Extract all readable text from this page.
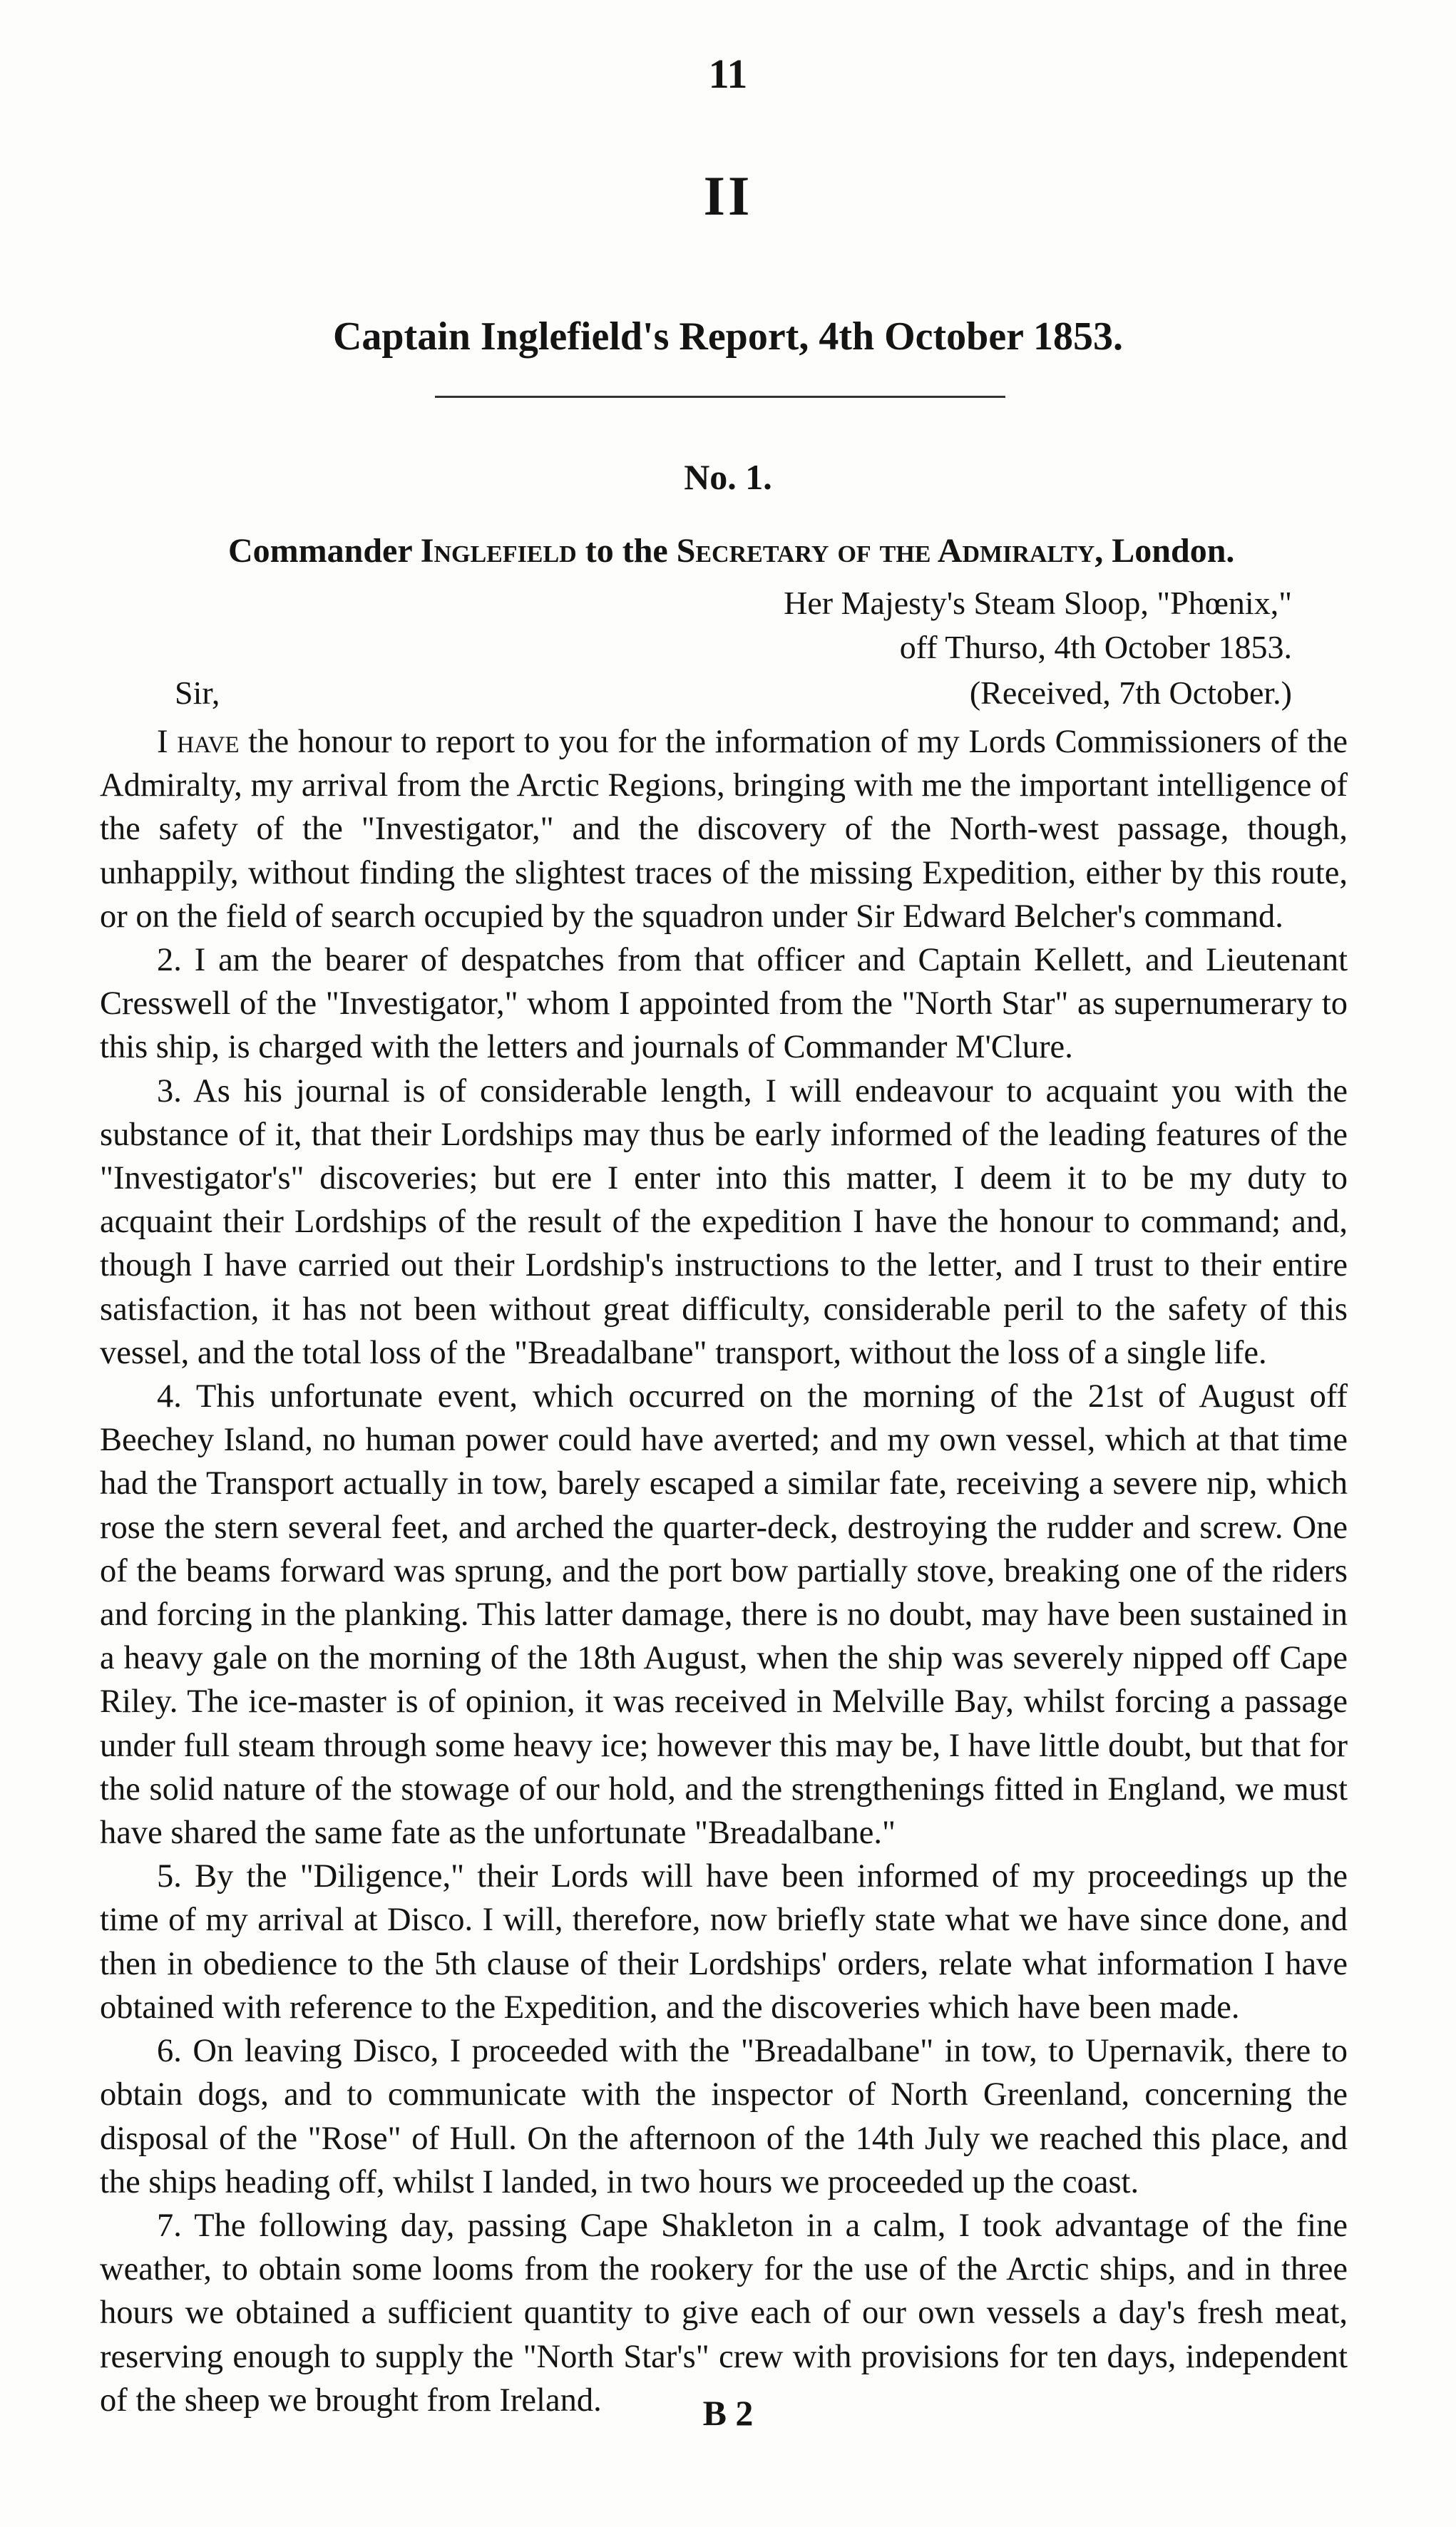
11
II
Captain Inglefield's Report, 4th October 1853.
No. 1.
Commander Inglefield to the Secretary of the Admiralty, London.
Her Majesty's Steam Sloop, "Phœnix,"
off Thurso, 4th October 1853.
Sir,	(Received, 7th October.)

I have the honour to report to you for the information of my Lords Commissioners of the Admiralty, my arrival from the Arctic Regions, bringing with me the important intelligence of the safety of the "Investigator," and the discovery of the North-west passage, though, unhappily, without finding the slightest traces of the missing Expedition, either by this route, or on the field of search occupied by the squadron under Sir Edward Belcher's command.

2. I am the bearer of despatches from that officer and Captain Kellett, and Lieutenant Cresswell of the "Investigator," whom I appointed from the "North Star" as supernumerary to this ship, is charged with the letters and journals of Commander M'Clure.

3. As his journal is of considerable length, I will endeavour to acquaint you with the substance of it, that their Lordships may thus be early informed of the leading features of the "Investigator's" discoveries; but ere I enter into this matter, I deem it to be my duty to acquaint their Lordships of the result of the expedition I have the honour to command; and, though I have carried out their Lordship's instructions to the letter, and I trust to their entire satisfaction, it has not been without great difficulty, considerable peril to the safety of this vessel, and the total loss of the "Breadalbane" transport, without the loss of a single life.

4. This unfortunate event, which occurred on the morning of the 21st of August off Beechey Island, no human power could have averted; and my own vessel, which at that time had the Transport actually in tow, barely escaped a similar fate, receiving a severe nip, which rose the stern several feet, and arched the quarter-deck, destroying the rudder and screw. One of the beams forward was sprung, and the port bow partially stove, breaking one of the riders and forcing in the planking. This latter damage, there is no doubt, may have been sustained in a heavy gale on the morning of the 18th August, when the ship was severely nipped off Cape Riley. The ice-master is of opinion, it was received in Melville Bay, whilst forcing a passage under full steam through some heavy ice; however this may be, I have little doubt, but that for the solid nature of the stowage of our hold, and the strengthenings fitted in England, we must have shared the same fate as the unfortunate "Breadalbane."

5. By the "Diligence," their Lords will have been informed of my proceedings up the time of my arrival at Disco. I will, therefore, now briefly state what we have since done, and then in obedience to the 5th clause of their Lordships' orders, relate what information I have obtained with reference to the Expedition, and the discoveries which have been made.

6. On leaving Disco, I proceeded with the "Breadalbane" in tow, to Upernavik, there to obtain dogs, and to communicate with the inspector of North Greenland, concerning the disposal of the "Rose" of Hull. On the afternoon of the 14th July we reached this place, and the ships heading off, whilst I landed, in two hours we proceeded up the coast.

7. The following day, passing Cape Shakleton in a calm, I took advantage of the fine weather, to obtain some looms from the rookery for the use of the Arctic ships, and in three hours we obtained a sufficient quantity to give each of our own vessels a day's fresh meat, reserving enough to supply the "North Star's" crew with provisions for ten days, independent of the sheep we brought from Ireland.	B 2
